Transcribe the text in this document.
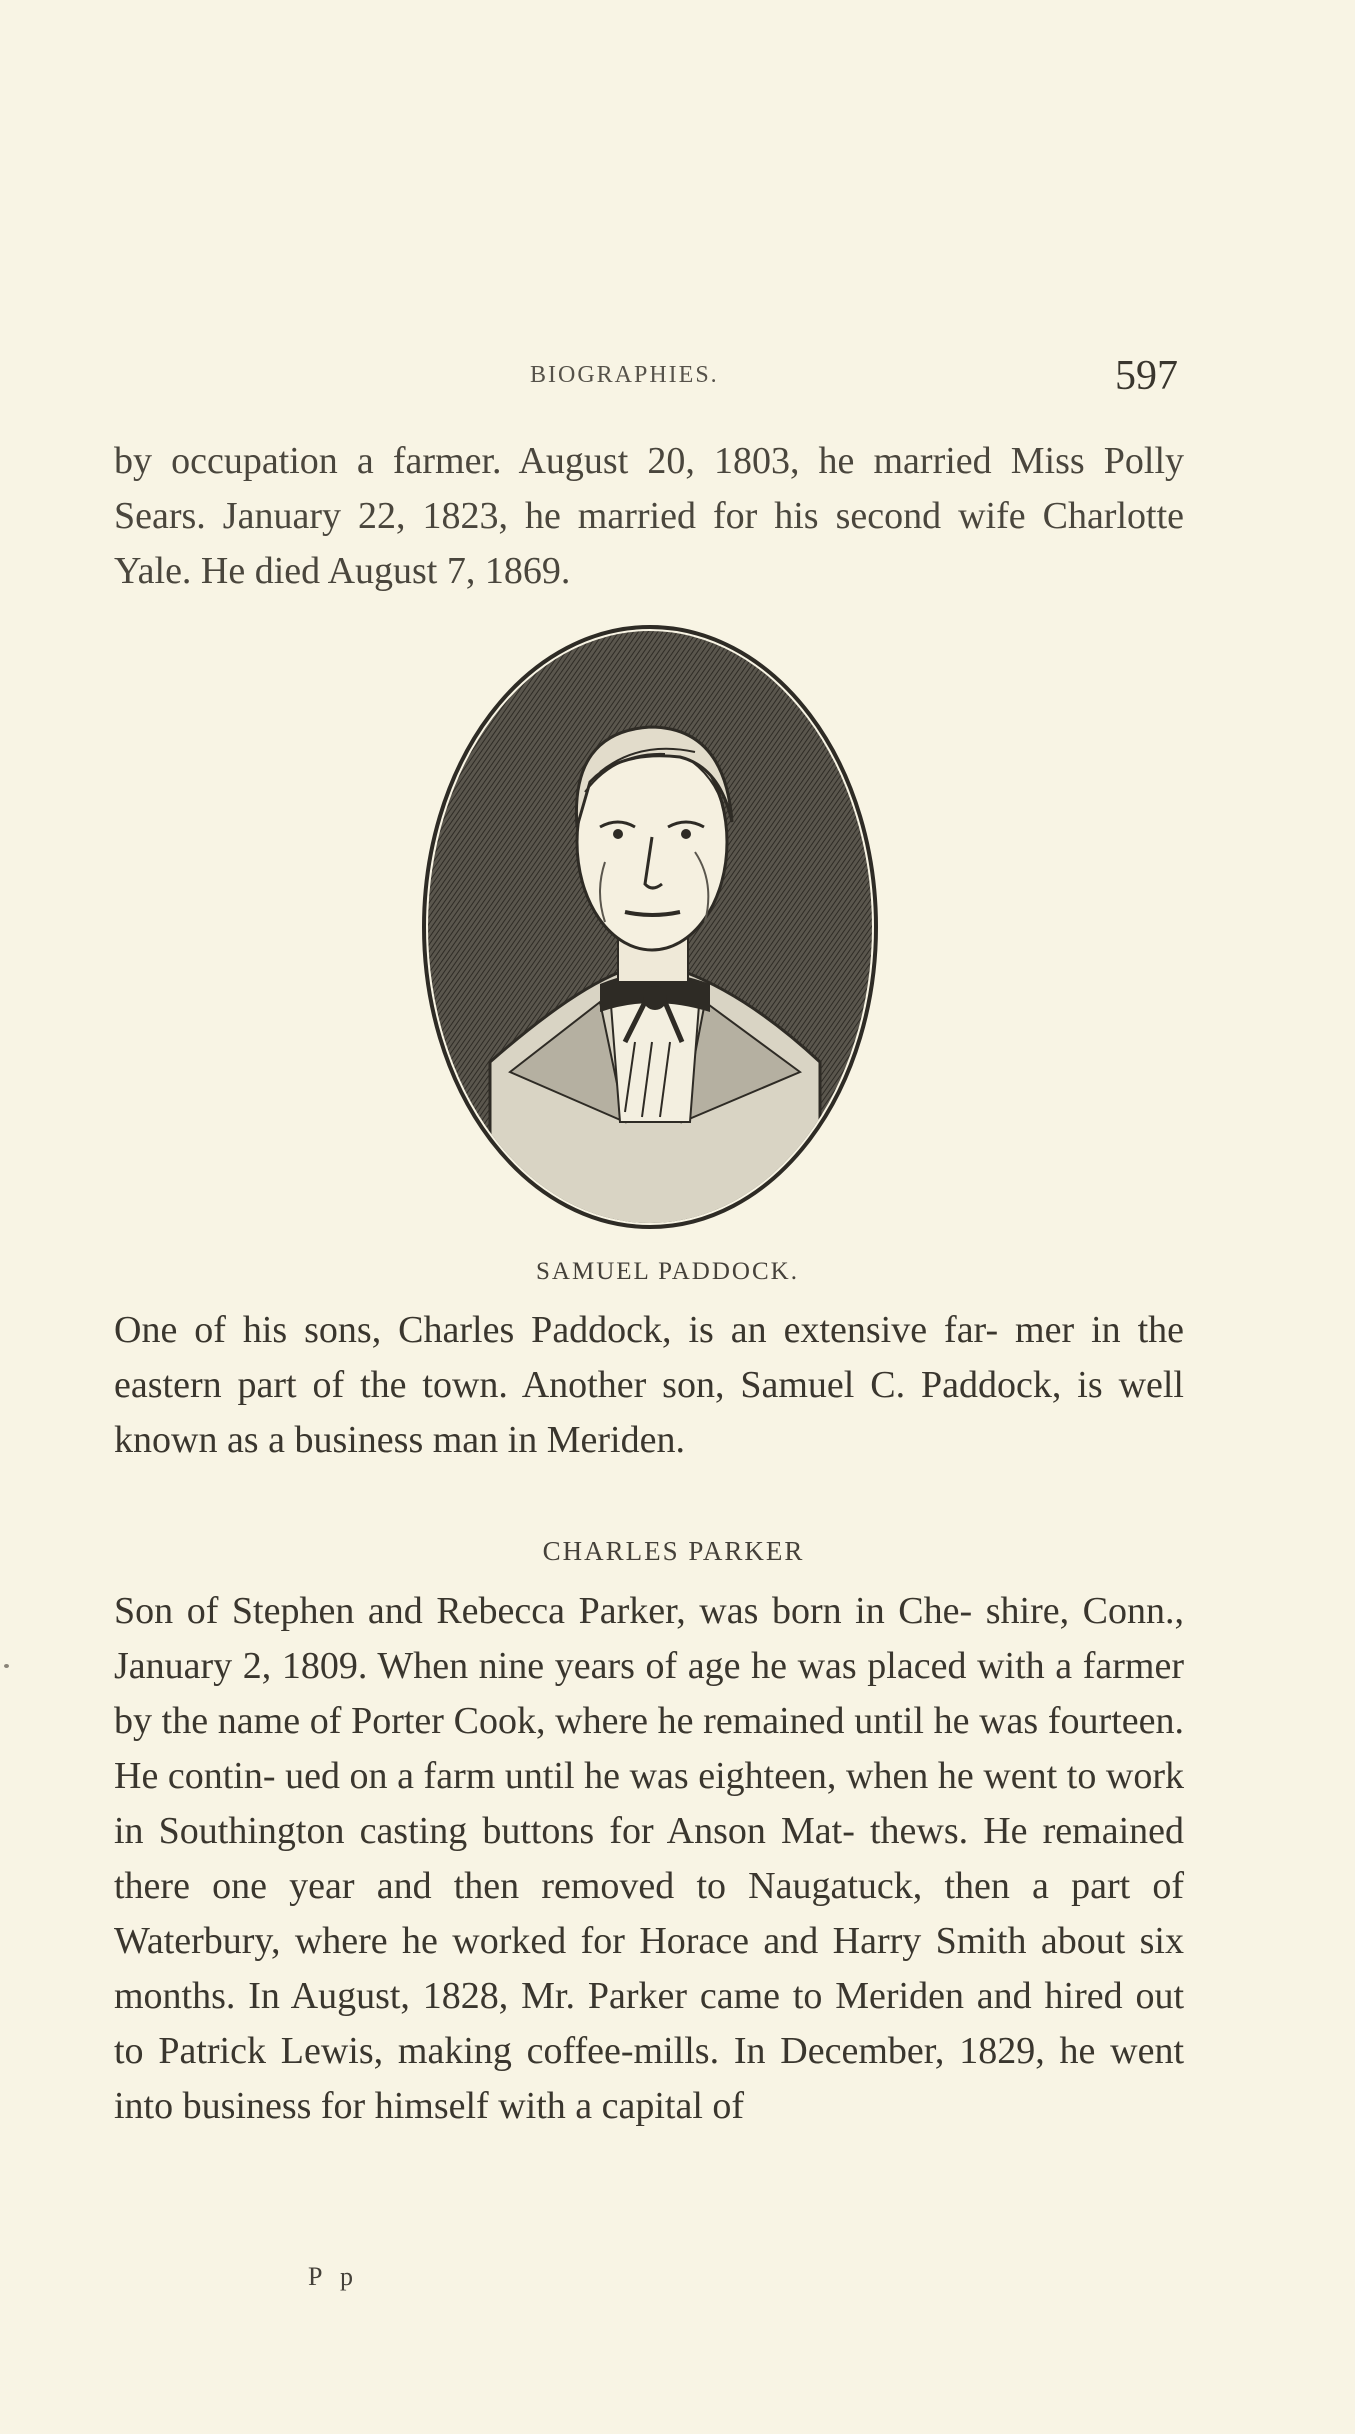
BIOGRAPHIES.	597

by occupation a farmer. August 20, 1803, he married Miss Polly Sears. January 22, 1823, he married for his second wife Charlotte Yale. He died August 7, 1869.

SAMUEL PADDOCK.

One of his sons, Charles Paddock, is an extensive far- mer in the eastern part of the town. Another son, Samuel C. Paddock, is well known as a business man in Meriden.

CHARLES PARKER

Son of Stephen and Rebecca Parker, was born in Che- shire, Conn., January 2, 1809. When nine years of age he was placed with a farmer by the name of Porter Cook, where he remained until he was fourteen. He contin- ued on a farm until he was eighteen, when he went to work in Southington casting buttons for Anson Mat- thews. He remained there one year and then removed to Naugatuck, then a part of Waterbury, where he worked for Horace and Harry Smith about six months. In August, 1828, Mr. Parker came to Meriden and hired out to Patrick Lewis, making coffee-mills. In December, 1829, he went into business for himself with a capital of

P p
